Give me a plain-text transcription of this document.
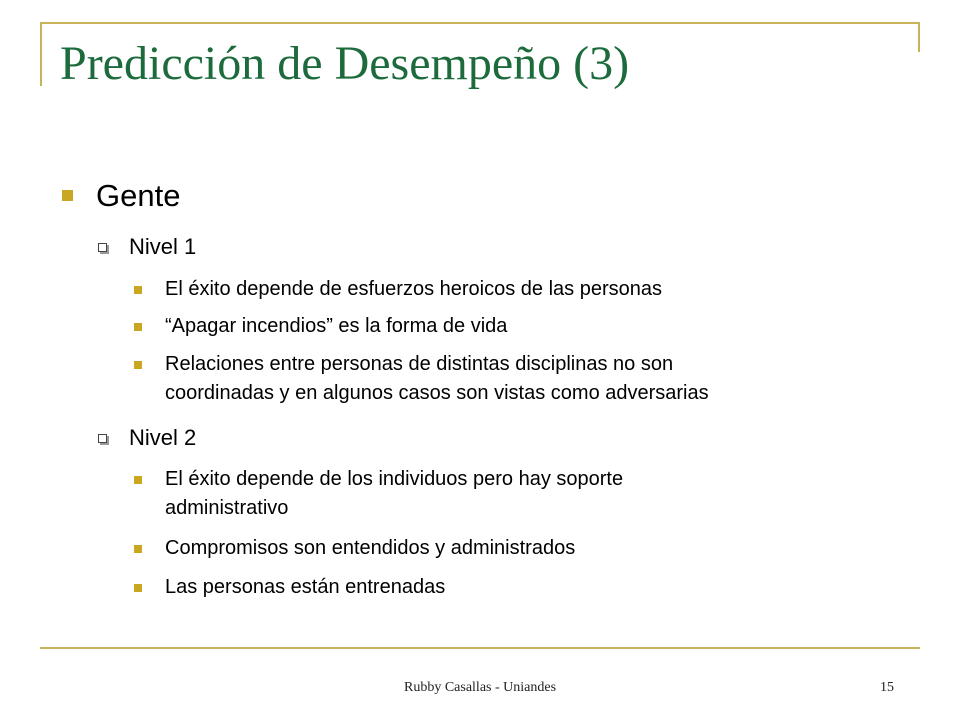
Predicción de Desempeño (3)
Gente
Nivel 1
El éxito depende de esfuerzos heroicos de las personas
“Apagar incendios” es la forma de vida
Relaciones entre personas de distintas disciplinas no son
coordinadas y en algunos casos son vistas como adversarias
Nivel 2
El éxito depende de los individuos pero hay soporte
administrativo
Compromisos son entendidos y administrados
Las personas están entrenadas
Rubby Casallas - Uniandes	15
